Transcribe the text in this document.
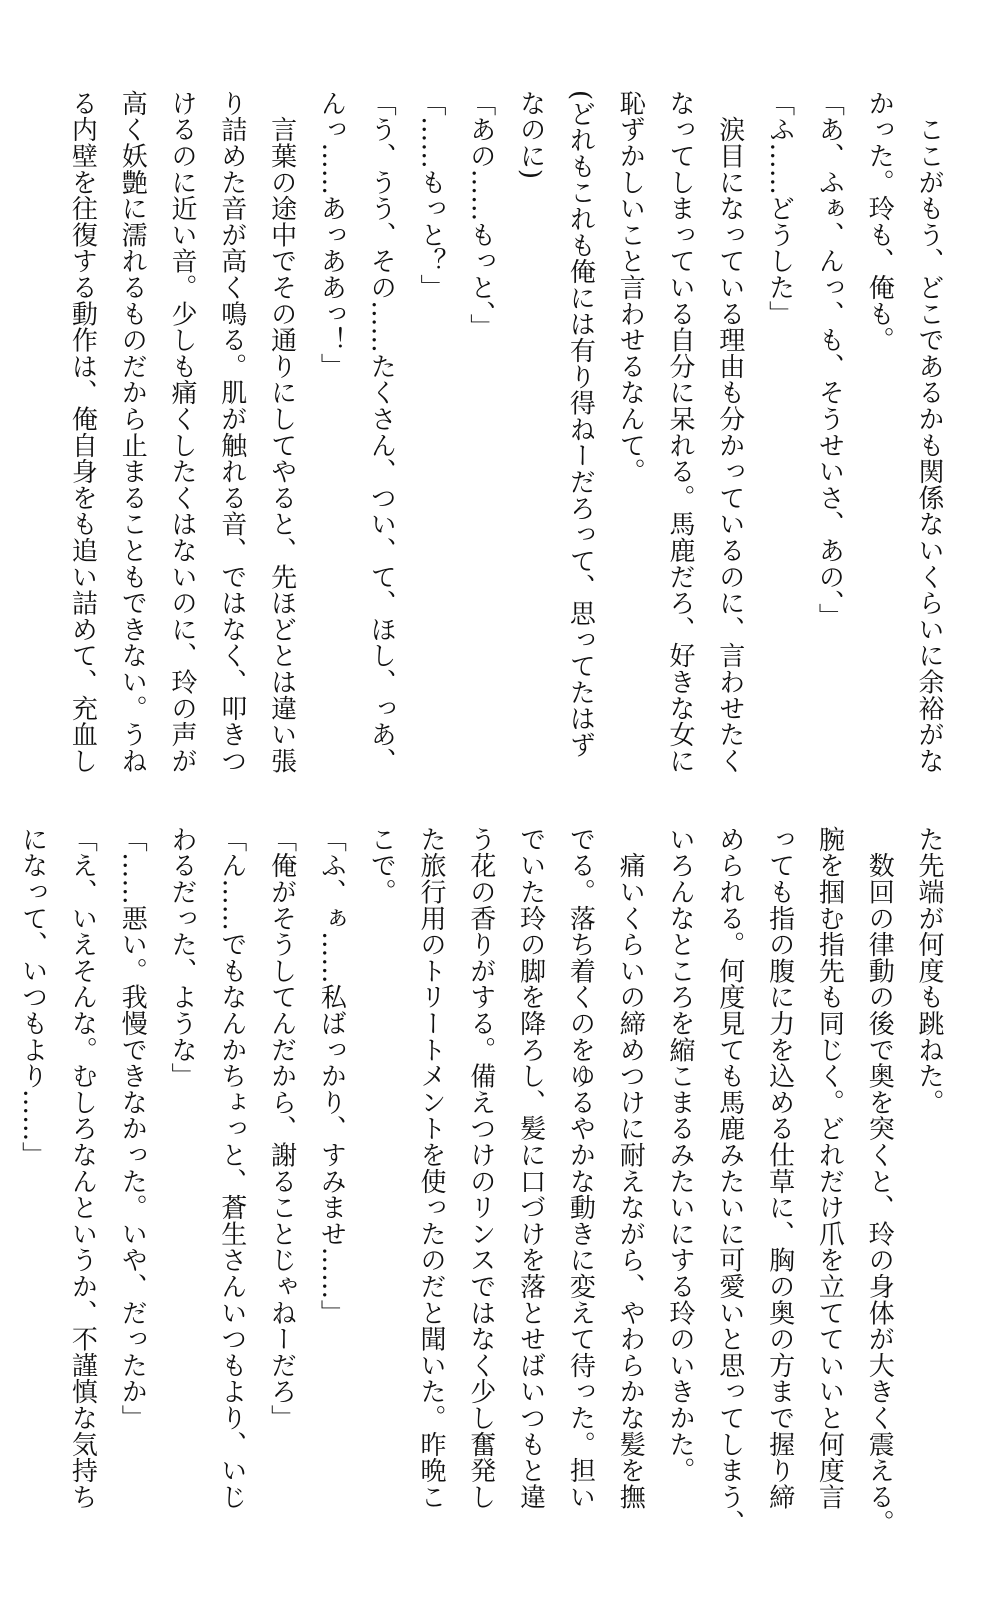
　ここがもう、どこであるかも関係ないくらいに余裕がな
かった。玲も、俺も。
「あ、ふぁ、んっ、も、そうせいさ、あの、」
「ふ……どうした」
　涙目になっている理由も分かっているのに、言わせたく
なってしまっている自分に呆れる。馬鹿だろ、好きな女に
恥ずかしいこと言わせるなんて。
(どれもこれも俺には有り得ねーだろって、思ってたはず
なのに)
「あの……もっと、」
「……もっと？」
「う、うう、その……たくさん、つい、て、ほし、っあ、
んっ……あっああっ！」
　言葉の途中でその通りにしてやると、先ほどとは違い張
り詰めた音が高く鳴る。肌が触れる音、ではなく、叩きつ
けるのに近い音。少しも痛くしたくはないのに、玲の声が
高く妖艶に濡れるものだから止まることもできない。うね
る内壁を往復する動作は、俺自身をも追い詰めて、充血し
た先端が何度も跳ねた。
　数回の律動の後で奥を突くと、玲の身体が大きく震える。
腕を掴む指先も同じく。どれだけ爪を立てていいと何度言
っても指の腹に力を込める仕草に、胸の奥の方まで握り締
められる。何度見ても馬鹿みたいに可愛いと思ってしまう、
いろんなところを縮こまるみたいにする玲のいきかた。
　痛いくらいの締めつけに耐えながら、やわらかな髪を撫
でる。落ち着くのをゆるやかな動きに変えて待った。担い
でいた玲の脚を降ろし、髪に口づけを落とせばいつもと違
う花の香りがする。備えつけのリンスではなく少し奮発し
た旅行用のトリートメントを使ったのだと聞いた。昨晩こ
こで。
「ふ、ぁ……私ばっかり、すみませ……」
「俺がそうしてんだから、謝ることじゃねーだろ」
「ん……でもなんかちょっと、蒼生さんいつもより、いじ
わるだった、ような」
「……悪い。我慢できなかった。いや、だったか」
「え、いえそんな。むしろなんというか、不謹慎な気持ち
になって、いつもより……」
